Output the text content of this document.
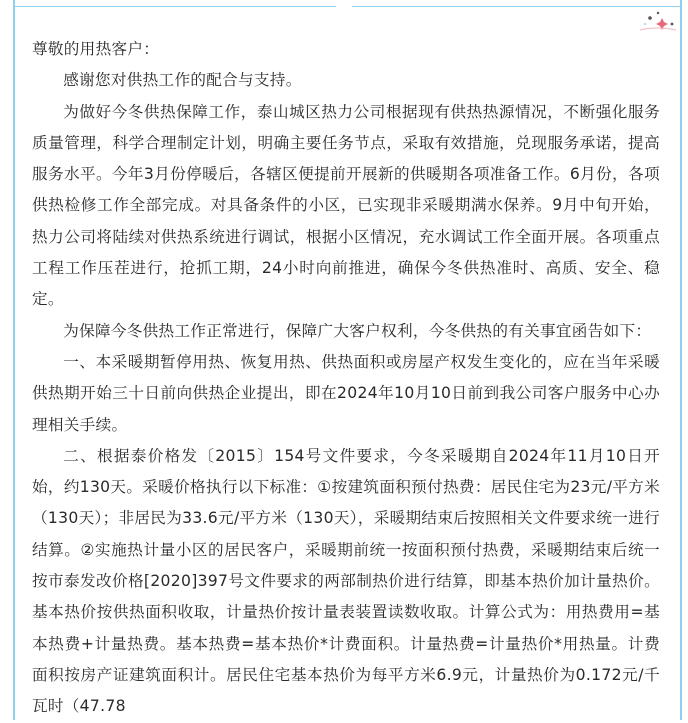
尊敬的用热客户：

感谢您对供热工作的配合与支持。

为做好今冬供热保障工作，泰山城区热力公司根据现有供热热源情况，不断强化服务质量管理，科学合理制定计划，明确主要任务节点，采取有效措施，兑现服务承诺，提高服务水平。今年3月份停暖后，各辖区便提前开展新的供暖期各项准备工作。6月份，各项供热检修工作全部完成。对具备条件的小区，已实现非采暖期满水保养。9月中旬开始，热力公司将陆续对供热系统进行调试，根据小区情况，充水调试工作全面开展。各项重点工程工作压茬进行，抢抓工期，24小时向前推进，确保今冬供热准时、高质、安全、稳定。

为保障今冬供热工作正常进行，保障广大客户权利，今冬供热的有关事宜函告如下：

一、本采暖期暂停用热、恢复用热、供热面积或房屋产权发生变化的，应在当年采暖供热期开始三十日前向供热企业提出，即在2024年10月10日前到我公司客户服务中心办理相关手续。

二、根据泰价格发〔2015〕154号文件要求，今冬采暖期自2024年11月10日开始，约130天。采暖价格执行以下标准：①按建筑面积预付热费：居民住宅为23元/平方米（130天）；非居民为33.6元/平方米（130天），采暖期结束后按照相关文件要求统一进行结算。②实施热计量小区的居民客户，采暖期前统一按面积预付热费，采暖期结束后统一按市泰发改价格[2020]397号文件要求的两部制热价进行结算，即基本热价加计量热价。基本热价按供热面积收取，计量热价按计量表装置读数收取。计算公式为：用热费用=基本热费+计量热费。基本热费=基本热价*计费面积。计量热费=计量热价*用热量。计费面积按房产证建筑面积计。居民住宅基本热价为每平方米6.9元，计量热价为0.172元/千瓦时（47.78
